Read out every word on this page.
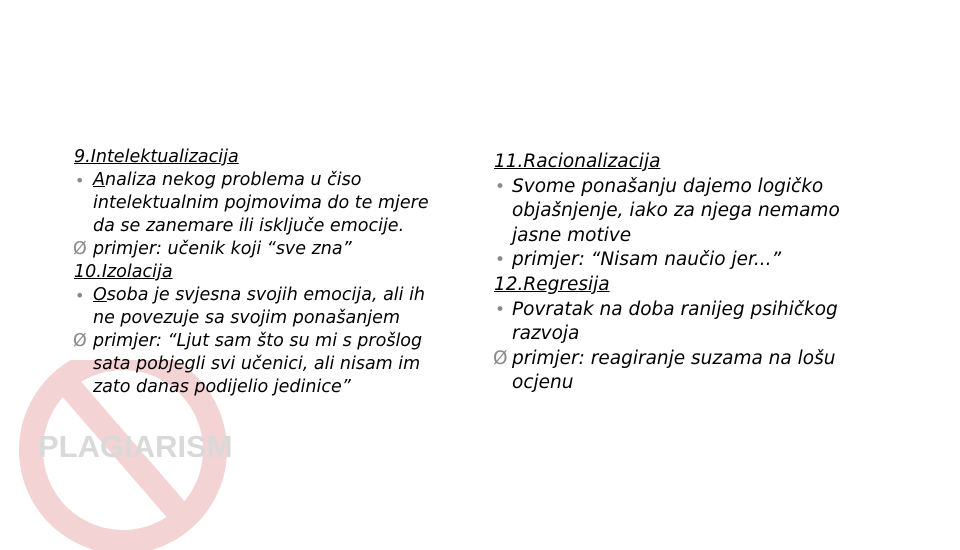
PLAGIARISM
9.Intelektualizacija
• Analiza nekog problema u čiso
intelektualnim pojmovima do te mjere
da se zanemare ili isključe emocije.
Ø primjer: učenik koji “sve zna”
10.Izolacija
• Osoba je svjesna svojih emocija, ali ih
ne povezuje sa svojim ponašanjem
Ø primjer: “Ljut sam što su mi s prošlog
sata pobjegli svi učenici, ali nisam im
zato danas podijelio jedinice”
11.Racionalizacija
• Svome ponašanju dajemo logičko
objašnjenje, iako za njega nemamo
jasne motive
• primjer: “Nisam naučio jer...”
12.Regresija
• Povratak na doba ranijeg psihičkog
razvoja
Ø primjer: reagiranje suzama na lošu
ocjenu
